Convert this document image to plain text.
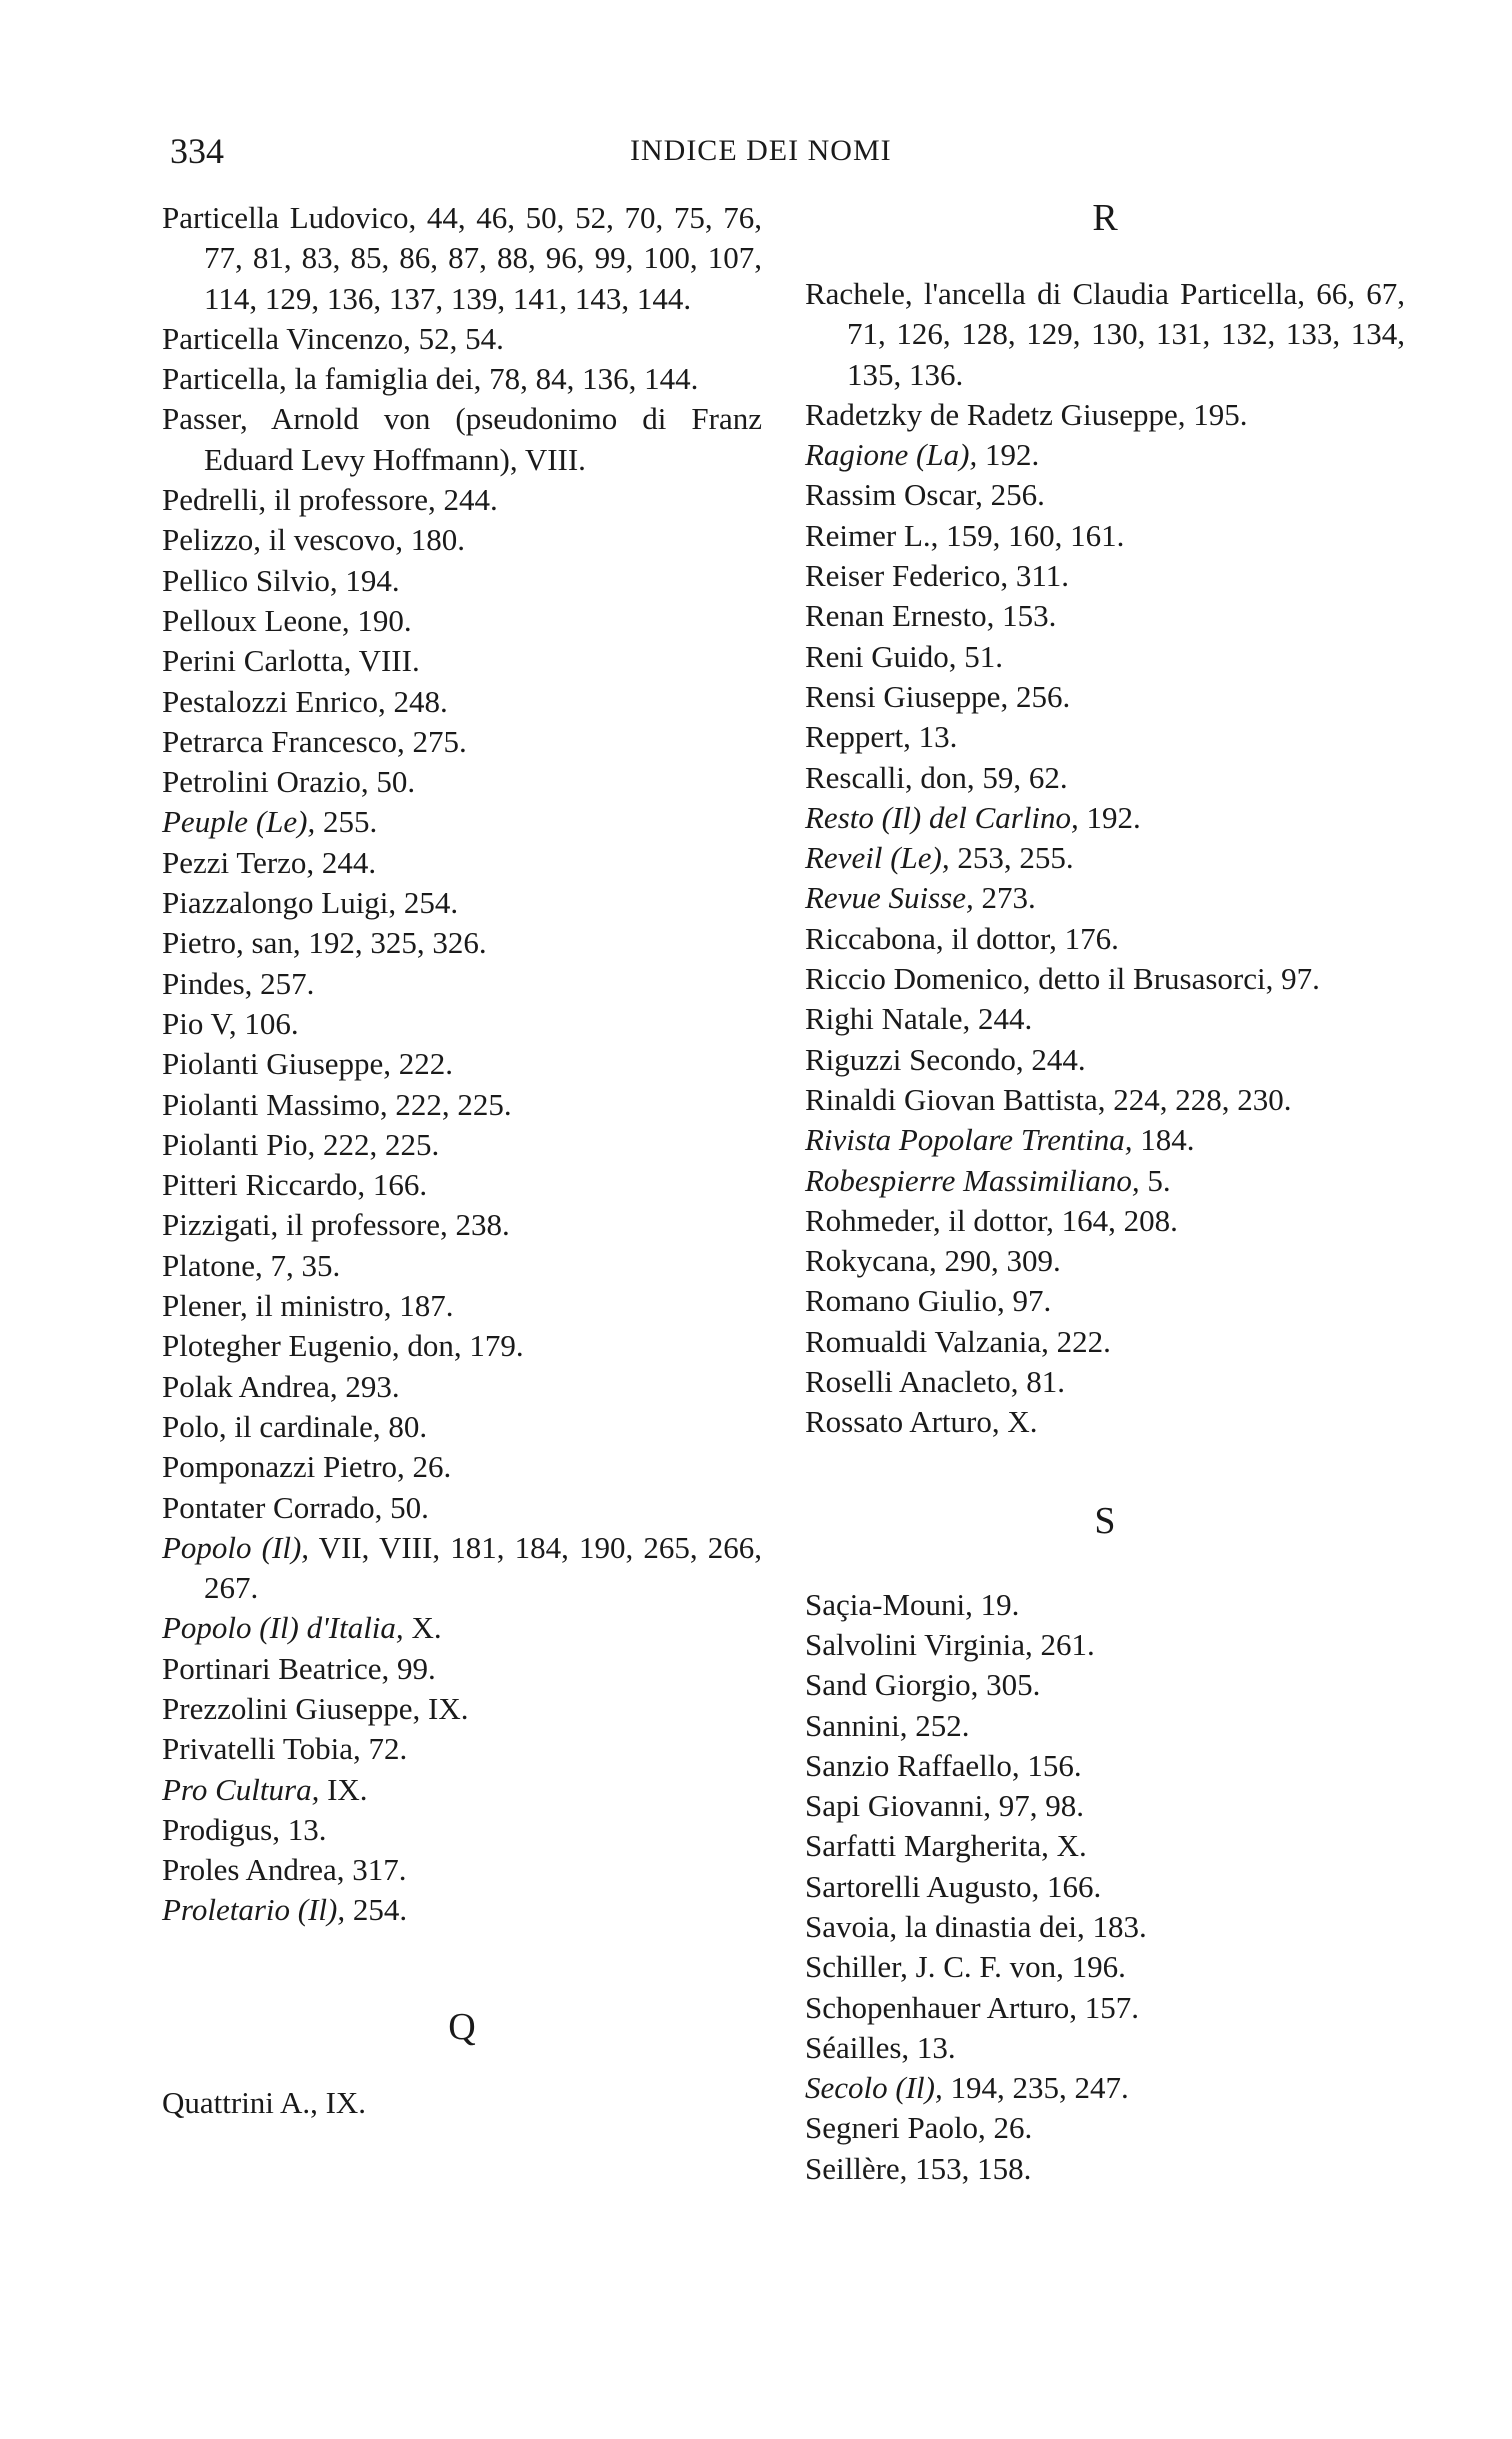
334	INDICE DEI NOMI
Particella Ludovico, 44, 46, 50, 52, 70, 75, 76, 77, 81, 83, 85, 86, 87, 88, 96, 99, 100, 107, 114, 129, 136, 137, 139, 141, 143, 144.
Particella Vincenzo, 52, 54.
Particella, la famiglia dei, 78, 84, 136, 144.
Passer, Arnold von (pseudonimo di Franz Eduard Levy Hoffmann), VIII.
Pedrelli, il professore, 244.
Pelizzo, il vescovo, 180.
Pellico Silvio, 194.
Pelloux Leone, 190.
Perini Carlotta, VIII.
Pestalozzi Enrico, 248.
Petrarca Francesco, 275.
Petrolini Orazio, 50.
Peuple (Le), 255.
Pezzi Terzo, 244.
Piazzalongo Luigi, 254.
Pietro, san, 192, 325, 326.
Pindes, 257.
Pio V, 106.
Piolanti Giuseppe, 222.
Piolanti Massimo, 222, 225.
Piolanti Pio, 222, 225.
Pitteri Riccardo, 166.
Pizzigati, il professore, 238.
Platone, 7, 35.
Plener, il ministro, 187.
Plotegher Eugenio, don, 179.
Polak Andrea, 293.
Polo, il cardinale, 80.
Pomponazzi Pietro, 26.
Pontater Corrado, 50.
Popolo (Il), VII, VIII, 181, 184, 190, 265, 266, 267.
Popolo (Il) d'Italia, X.
Portinari Beatrice, 99.
Prezzolini Giuseppe, IX.
Privatelli Tobia, 72.
Pro Cultura, IX.
Prodigus, 13.
Proles Andrea, 317.
Proletario (Il), 254.
Q
Quattrini A., IX.
R
Rachele, l'ancella di Claudia Particella, 66, 67, 71, 126, 128, 129, 130, 131, 132, 133, 134, 135, 136.
Radetzky de Radetz Giuseppe, 195.
Ragione (La), 192.
Rassim Oscar, 256.
Reimer L., 159, 160, 161.
Reiser Federico, 311.
Renan Ernesto, 153.
Reni Guido, 51.
Rensi Giuseppe, 256.
Reppert, 13.
Rescalli, don, 59, 62.
Resto (Il) del Carlino, 192.
Reveil (Le), 253, 255.
Revue Suisse, 273.
Riccabona, il dottor, 176.
Riccio Domenico, detto il Brusasorci, 97.
Righi Natale, 244.
Riguzzi Secondo, 244.
Rinaldi Giovan Battista, 224, 228, 230.
Rivista Popolare Trentina, 184.
Robespierre Massimiliano, 5.
Rohmeder, il dottor, 164, 208.
Rokycana, 290, 309.
Romano Giulio, 97.
Romualdi Valzania, 222.
Roselli Anacleto, 81.
Rossato Arturo, X.
S
Saçia-Mouni, 19.
Salvolini Virginia, 261.
Sand Giorgio, 305.
Sannini, 252.
Sanzio Raffaello, 156.
Sapi Giovanni, 97, 98.
Sarfatti Margherita, X.
Sartorelli Augusto, 166.
Savoia, la dinastia dei, 183.
Schiller, J. C. F. von, 196.
Schopenhauer Arturo, 157.
Séailles, 13.
Secolo (Il), 194, 235, 247.
Segneri Paolo, 26.
Seillère, 153, 158.
